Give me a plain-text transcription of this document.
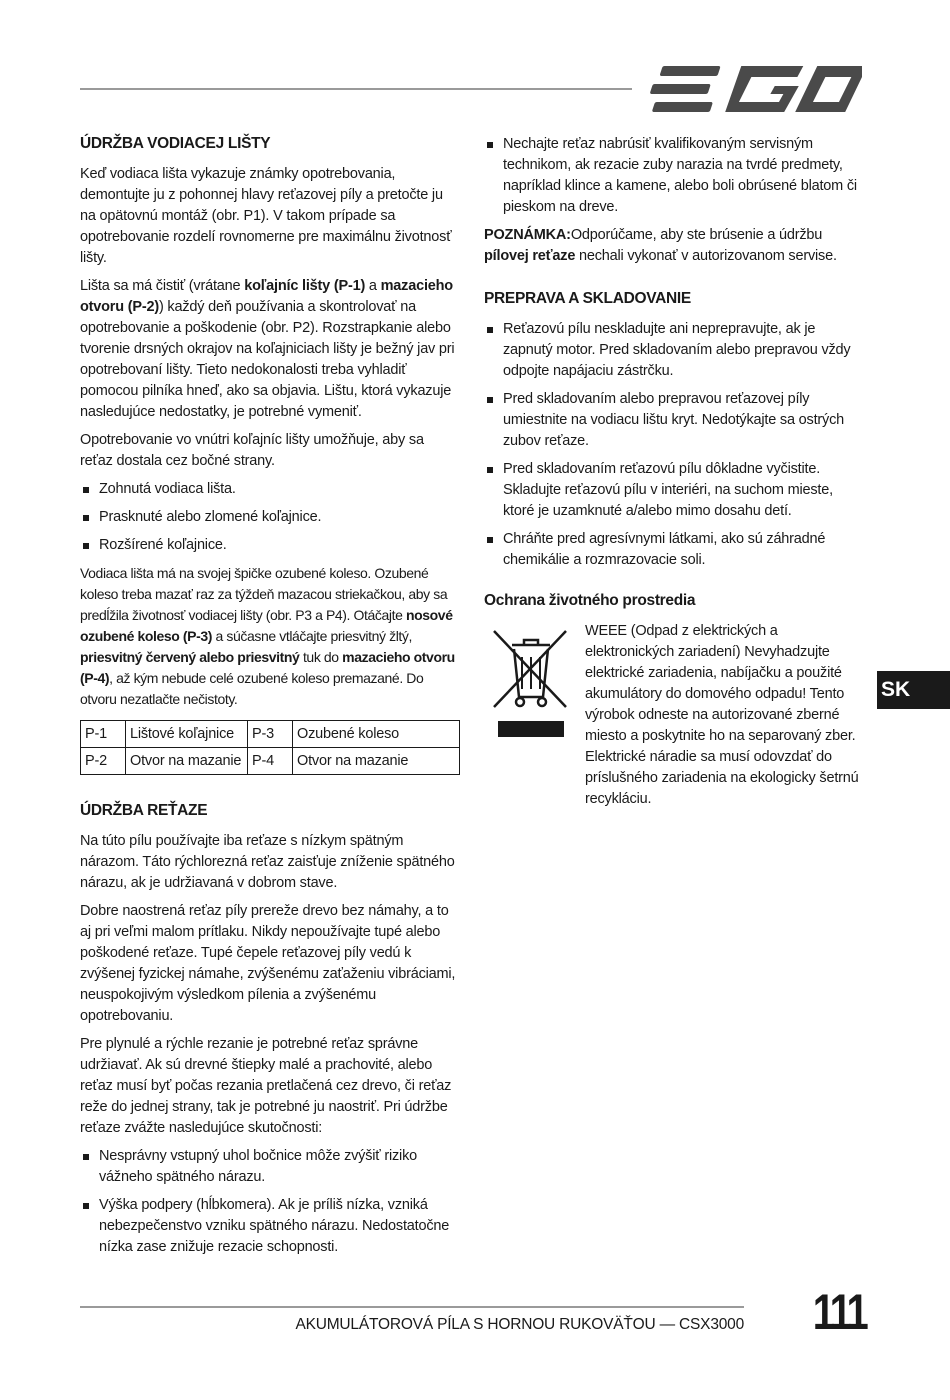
ÚDRŽBA VODIACEJ LIŠTY

Keď vodiaca lišta vykazuje známky opotrebovania, demontujte ju z pohonnej hlavy reťazovej píly a pretočte ju na opätovnú montáž (obr. P1). V takom prípade sa opotrebovanie rozdelí rovnomerne pre maximálnu životnosť lišty.

Lišta sa má čistiť (vrátane koľajníc lišty (P-1) a mazacieho otvoru (P-2)) každý deň používania a skontrolovať na opotrebovanie a poškodenie (obr. P2). Rozstrapkanie alebo tvorenie drsných okrajov na koľajniciach lišty je bežný jav pri opotrebovaní lišty. Tieto nedokonalosti treba vyhladiť pomocou pilníka hneď, ako sa objavia. Lištu, ktorá vykazuje nasledujúce nedostatky, je potrebné vymeniť.

Opotrebovanie vo vnútri koľajníc lišty umožňuje, aby sa reťaz dostala cez bočné strany.

Zohnutá vodiaca lišta.
Prasknuté alebo zlomené koľajnice.
Rozšírené koľajnice.

Vodiaca lišta má na svojej špičke ozubené koleso. Ozubené koleso treba mazať raz za týždeň mazacou striekačkou, aby sa predĺžila životnosť vodiacej lišty (obr. P3 a P4). Otáčajte nosové ozubené koleso (P-3) a súčasne vtláčajte priesvitný žltý, priesvitný červený alebo priesvitný tuk do mazacieho otvoru (P-4), až kým nebude celé ozubené koleso premazané. Do otvoru nezatlačte nečistoty.

P-1	Lištové koľajnice	P-3	Ozubené koleso
P-2	Otvor na mazanie	P-4	Otvor na mazanie
ÚDRŽBA REŤAZE

Na túto pílu používajte iba reťaze s nízkym spätným nárazom. Táto rýchlorezná reťaz zaisťuje zníženie spätného nárazu, ak je udržiavaná v dobrom stave.

Dobre naostrená reťaz píly prereže drevo bez námahy, a to aj pri veľmi malom prítlaku. Nikdy nepoužívajte tupé alebo poškodené reťaze. Tupé čepele reťazovej píly vedú k zvýšenej fyzickej námahe, zvýšenému zaťaženiu vibráciami, neuspokojivým výsledkom pílenia a zvýšenému opotrebovaniu.

Pre plynulé a rýchle rezanie je potrebné reťaz správne udržiavať. Ak sú drevné štiepky malé a prachovité, alebo reťaz musí byť počas rezania pretlačená cez drevo, či reťaz reže do jednej strany, tak je potrebné ju naostriť. Pri údržbe reťaze zvážte nasledujúce skutočnosti:

Nesprávny vstupný uhol bočnice môže zvýšiť riziko vážneho spätného nárazu.
Výška podpery (hĺbkomera). Ak je príliš nízka, vzniká nebezpečenstvo vzniku spätného nárazu. Nedostatočne nízka zase znižuje rezacie schopnosti.
Nechajte reťaz nabrúsiť kvalifikovaným servisným technikom, ak rezacie zuby narazia na tvrdé predmety, napríklad klince a kamene, alebo boli obrúsené blatom či pieskom na dreve.

POZNÁMKA:Odporúčame, aby ste brúsenie a údržbu pílovej reťaze nechali vykonať v autorizovanom servise.

PREPRAVA A SKLADOVANIE
Reťazovú pílu neskladujte ani neprepravujte, ak je zapnutý motor. Pred skladovaním alebo prepravou vždy odpojte napájaciu zástrčku.
Pred skladovaním alebo prepravou reťazovej píly umiestnite na vodiacu lištu kryt. Nedotýkajte sa ostrých zubov reťaze.
Pred skladovaním reťazovú pílu dôkladne vyčistite. Skladujte reťazovú pílu v interiéri, na suchom mieste, ktoré je uzamknuté a/alebo mimo dosahu detí.
Chráňte pred agresívnymi látkami, ako sú záhradné chemikálie a rozmrazovacie soli.
Ochrana životného prostredia

WEEE (Odpad z elektrických a elektronických zariadení) Nevyhadzujte elektrické zariadenia, nabíjačku a použité akumulátory do domového odpadu! Tento výrobok odneste na autorizované zberné miesto a poskytnite ho na separovaný zber. Elektrické náradie sa musí odovzdať do príslušného zariadenia na ekologicky šetrnú recykláciu.

SK
AKUMULÁTOROVÁ PÍLA S HORNOU RUKOVÄŤOU — CSX3000 111
